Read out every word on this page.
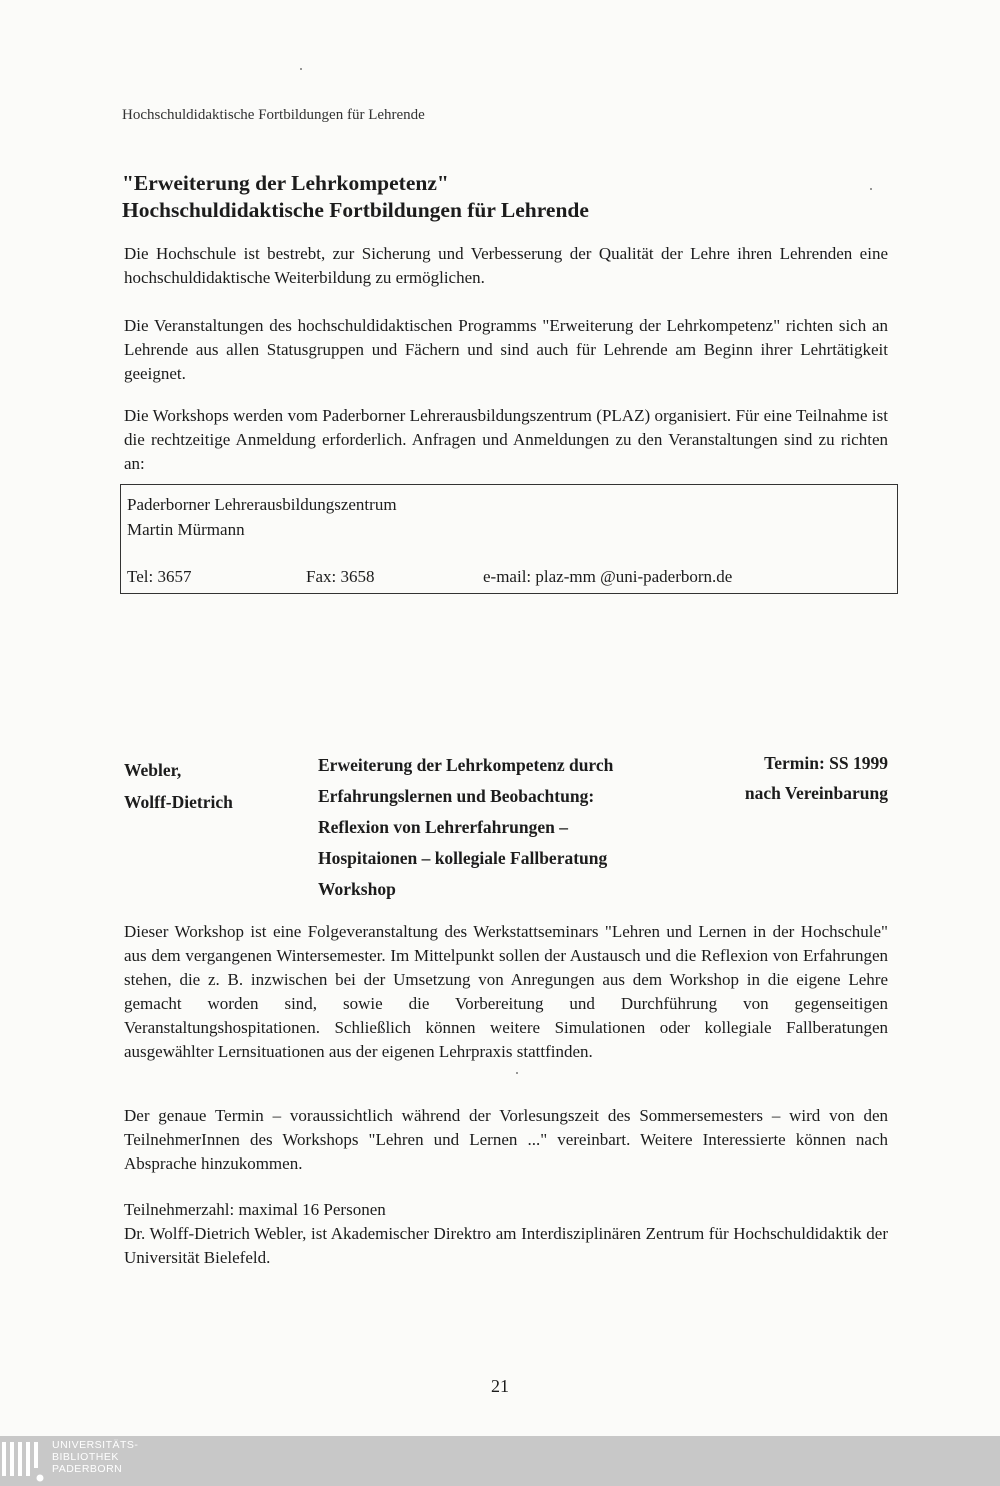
Hochschuldidaktische Fortbildungen für Lehrende
"Erweiterung der Lehrkompetenz"
Hochschuldidaktische Fortbildungen für Lehrende
Die Hochschule ist bestrebt, zur Sicherung und Verbesserung der Qualität der Lehre ihren Lehrenden eine hochschuldidaktische Weiterbildung zu ermöglichen.
Die Veranstaltungen des hochschuldidaktischen Programms "Erweiterung der Lehrkompetenz" richten sich an Lehrende aus allen Statusgruppen und Fächern und sind auch für Lehrende am Beginn ihrer Lehrtätigkeit geeignet.
Die Workshops werden vom Paderborner Lehrerausbildungszentrum (PLAZ) organisiert. Für eine Teilnahme ist die rechtzeitige Anmeldung erforderlich. Anfragen und Anmeldungen zu den Veranstaltungen sind zu richten an:
Paderborner Lehrerausbildungszentrum
Martin Mürmann
Tel: 3657	Fax: 3658	e-mail: plaz-mm @uni-paderborn.de
Webler,
Wolff-Dietrich
Erweiterung der Lehrkompetenz durch
Erfahrungslernen und Beobachtung:
Reflexion von Lehrerfahrungen –
Hospitaionen – kollegiale Fallberatung
Workshop
Termin: SS 1999
nach Vereinbarung
Dieser Workshop ist eine Folgeveranstaltung des Werkstattseminars "Lehren und Lernen in der Hochschule" aus dem vergangenen Wintersemester. Im Mittelpunkt sollen der Austausch und die Reflexion von Erfahrungen stehen, die z. B. inzwischen bei der Umsetzung von Anregungen aus dem Workshop in die eigene Lehre gemacht worden sind, sowie die Vorbereitung und Durchführung von gegenseitigen Veranstaltungshospitationen. Schließlich können weitere Simulationen oder kollegiale Fallberatungen ausgewählter Lernsituationen aus der eigenen Lehrpraxis stattfinden.
Der genaue Termin – voraussichtlich während der Vorlesungszeit des Sommersemesters – wird von den TeilnehmerInnen des Workshops "Lehren und Lernen ..." vereinbart. Weitere Interessierte können nach Absprache hinzukommen.
Teilnehmerzahl: maximal 16 Personen
Dr. Wolff-Dietrich Webler, ist Akademischer Direktro am Interdisziplinären Zentrum für Hochschuldidaktik der Universität Bielefeld.
21
UNIVERSITÄTS-
BIBLIOTHEK
PADERBORN
